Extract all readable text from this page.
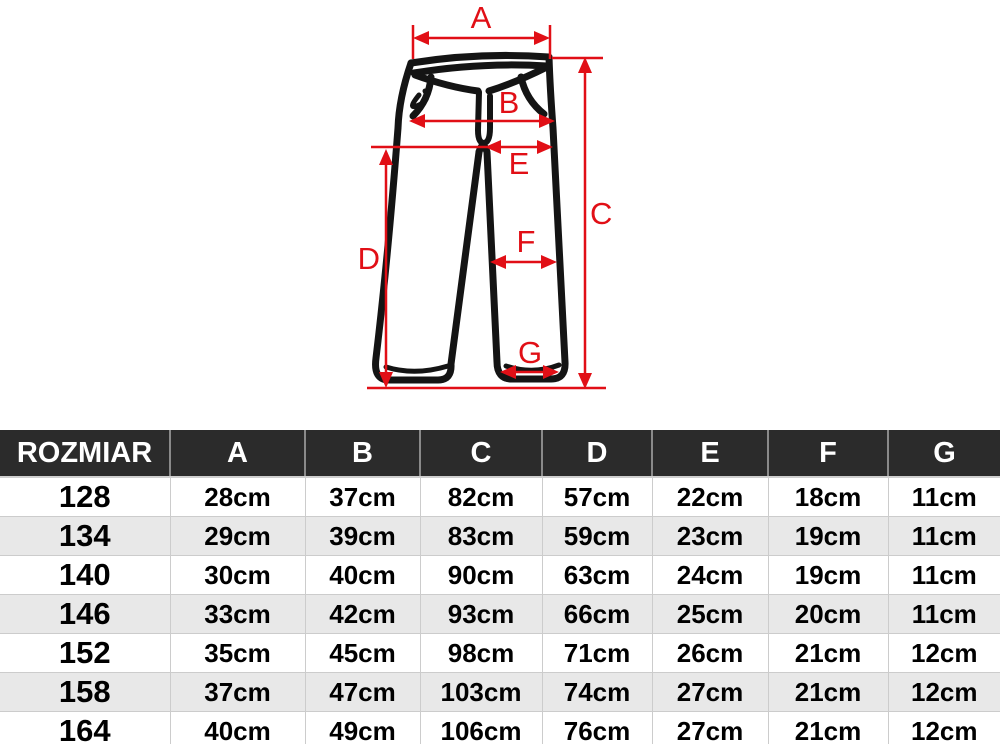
A
B
C
D
E
F
G
ROZMIAR	A	B	C	D	E	F	G
128	28cm	37cm	82cm	57cm	22cm	18cm	11cm
134	29cm	39cm	83cm	59cm	23cm	19cm	11cm
140	30cm	40cm	90cm	63cm	24cm	19cm	11cm
146	33cm	42cm	93cm	66cm	25cm	20cm	11cm
152	35cm	45cm	98cm	71cm	26cm	21cm	12cm
158	37cm	47cm	103cm	74cm	27cm	21cm	12cm
164	40cm	49cm	106cm	76cm	27cm	21cm	12cm
